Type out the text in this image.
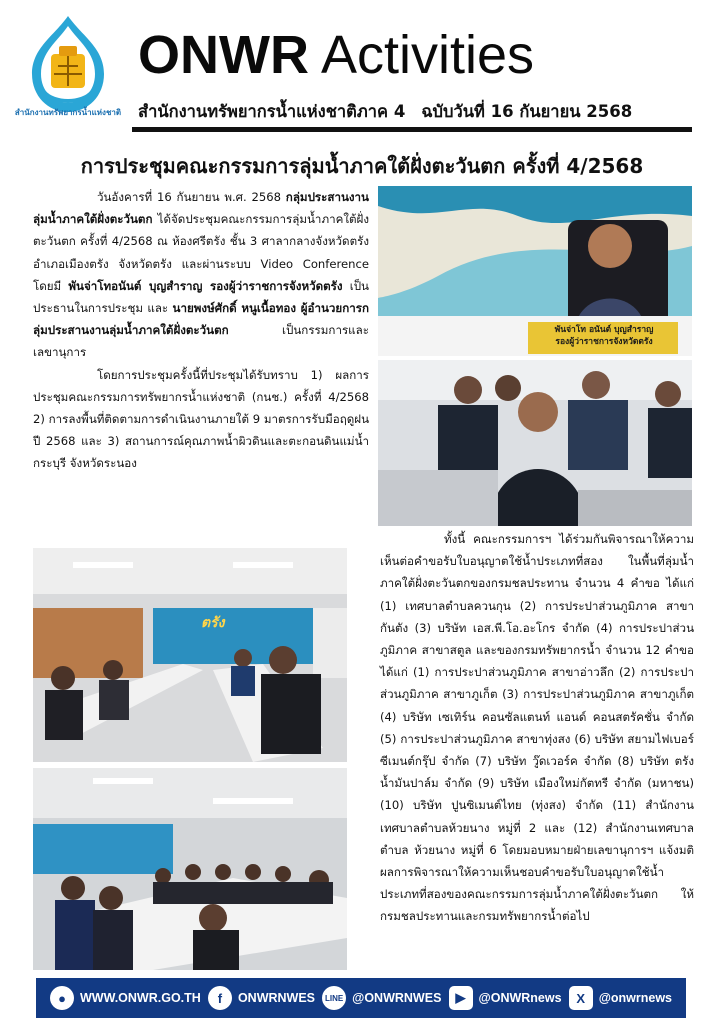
สำนักงานทรัพยากรน้ำแห่งชาติ
ONWR Activities
สำนักงานทรัพยากรน้ำแห่งชาติภาค 4 ฉบับวันที่ 16 กันยายน 2568
การประชุมคณะกรรมการลุ่มน้ำภาคใต้ฝั่งตะวันตก ครั้งที่ 4/2568

วันอังคารที่ 16 กันยายน พ.ศ. 2568 กลุ่มประสานงานลุ่มน้ำภาคใต้ฝั่งตะวันตก ได้จัดประชุมคณะกรรมการลุ่มน้ำภาคใต้ฝั่งตะวันตก ครั้งที่ 4/2568 ณ ห้องศรีตรัง ชั้น 3 ศาลากลางจังหวัดตรัง อำเภอเมืองตรัง จังหวัดตรัง และผ่านระบบ Video Conference โดยมี พันจ่าโทอนันต์ บุญสำราญ รองผู้ว่าราชการจังหวัดตรัง เป็นประธานในการประชุม และ นายพงษ์ศักดิ์ หนูเนื้อทอง ผู้อำนวยการกลุ่มประสานงานลุ่มน้ำภาคใต้ฝั่งตะวันตก เป็นกรรมการและเลขานุการ

โดยการประชุมครั้งนี้ที่ประชุมได้รับทราบ 1) ผลการประชุมคณะกรรมการทรัพยากรน้ำแห่งชาติ (กนช.) ครั้งที่ 4/2568 2) การลงพื้นที่ติดตามการดำเนินงานภายใต้ 9 มาตรการรับมือฤดูฝน ปี 2568 และ 3) สถานการณ์คุณภาพน้ำผิวดินและตะกอนดินแม่น้ำกระบุรี จังหวัดระนอง

พันจ่าโท อนันต์ บุญสำราญ
รองผู้ว่าราชการจังหวัดตรัง

ทั้งนี้ คณะกรรมการฯ ได้ร่วมกันพิจารณาให้ความเห็นต่อคำขอรับใบอนุญาตใช้น้ำประเภทที่สอง ในพื้นที่ลุ่มน้ำภาคใต้ฝั่งตะวันตกของกรมชลประทาน จำนวน 4 คำขอ ได้แก่ (1) เทศบาลตำบลควนกุน (2) การประปาส่วนภูมิภาค สาขากันตัง (3) บริษัท เอส.พี.โอ.อะโกร จำกัด (4) การประปาส่วนภูมิภาค สาขาสตูล และของกรมทรัพยากรน้ำ จำนวน 12 คำขอ ได้แก่ (1) การประปาส่วนภูมิภาค สาขาอ่าวลึก (2) การประปาส่วนภูมิภาค สาขาภูเก็ต (3) การประปาส่วนภูมิภาค สาขาภูเก็ต (4) บริษัท เซเทิร์น คอนซัลแตนท์ แอนด์ คอนสตรัคชั่น จำกัด (5) การประปาส่วนภูมิภาค สาขาทุ่งสง (6) บริษัท สยามไฟเบอร์ซีเมนต์กรุ๊ป จำกัด (7) บริษัท วู๊ดเวอร์ค จำกัด (8) บริษัท ตรังน้ำมันปาล์ม จำกัด (9) บริษัท เมืองใหม่กัตทรี จำกัด (มหาชน) (10) บริษัท ปูนซิเมนต์ไทย (ทุ่งสง) จำกัด (11) สำนักงานเทศบาลตำบลห้วยนาง หมู่ที่ 2 และ (12) สำนักงานเทศบาลตำบล ห้วยนาง หมู่ที่ 6 โดยมอบหมายฝ่ายเลขานุการฯ แจ้งมติผลการพิจารณาให้ความเห็นชอบคำขอรับใบอนุญาตใช้น้ำประเภทที่สองของคณะกรรมการลุ่มน้ำภาคใต้ฝั่งตะวันตก ให้กรมชลประทานและกรมทรัพยากรน้ำต่อไป

ตรัง
●	WWW.ONWR.GO.TH	f	ONWRNWES	LINE @ONWRNWES	▶	@ONWRnews	X	@onwrnews
